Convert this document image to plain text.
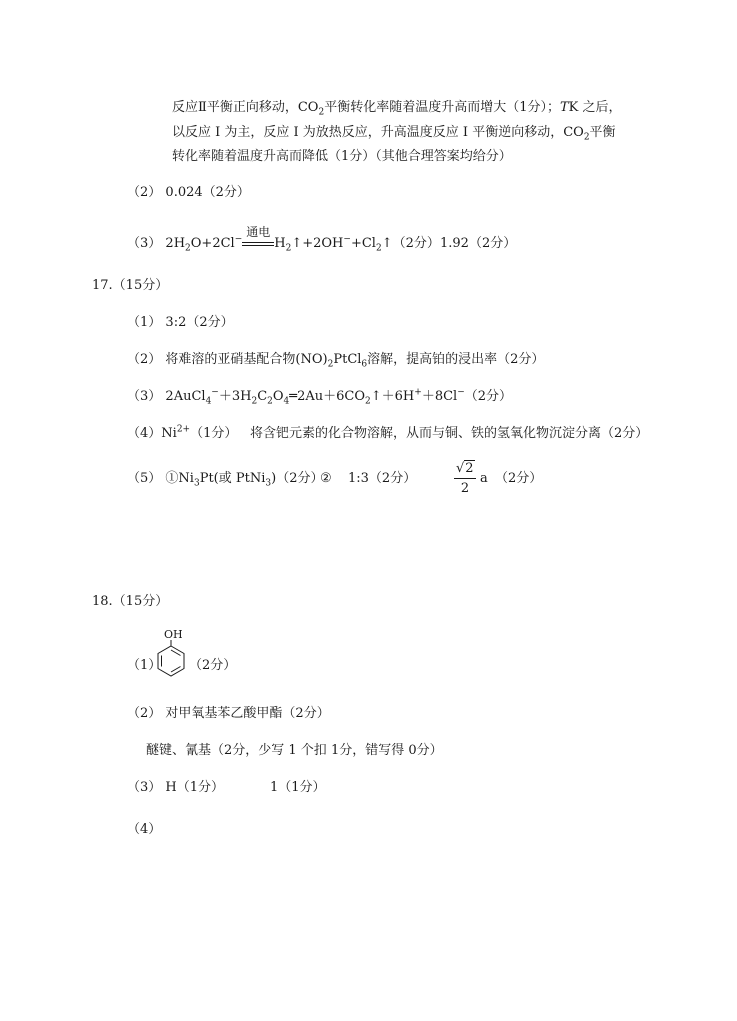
反应Ⅱ平衡正向移动，$CO_2$平衡转化率随着温度升高而增大（1分）；TK 之后，
以反应 I 为主，反应 I 为放热反应，升高温度反应 I 平衡逆向移动，$CO_2$平衡
转化率随着温度升高而降低（1分）（其他合理答案均给分）
（2） 0.024（2分）
（3） $2H_2O+2Cl^-$
通电
$H_2↑+2OH^-+Cl_2↑(2$分） 1.92（2分）
17.（15分）
（1） 3:2（2分）
（2） 将难溶的亚硝基配合物$(NO)_2PtCl_6$溶解，提高铂的浸出率（2分）
（3） $2AuCl_4^-+3H_2C_2O_4═2Au+6CO_2↑+6H^++8Cl^-(2$分）
$(4)Ni^{2+}(1$分） 将含钯元素的化合物溶解，从而与铜、铁的氢氧化物沉淀分离（2分）
（5） $①Ni_3Pt$(或 PtNi$_3$)（2分）
② 1:3（2分）	$\frac{√2}{2}$ a （2分）
18.（15分）
（1）
OH
（2分）
（2） 对甲氧基苯乙酸甲酯（2分）
醚键、氰基（2分，少写 1 个扣 1分，错写得 0分）
（3） H（1分）	1（1分）
（4）
